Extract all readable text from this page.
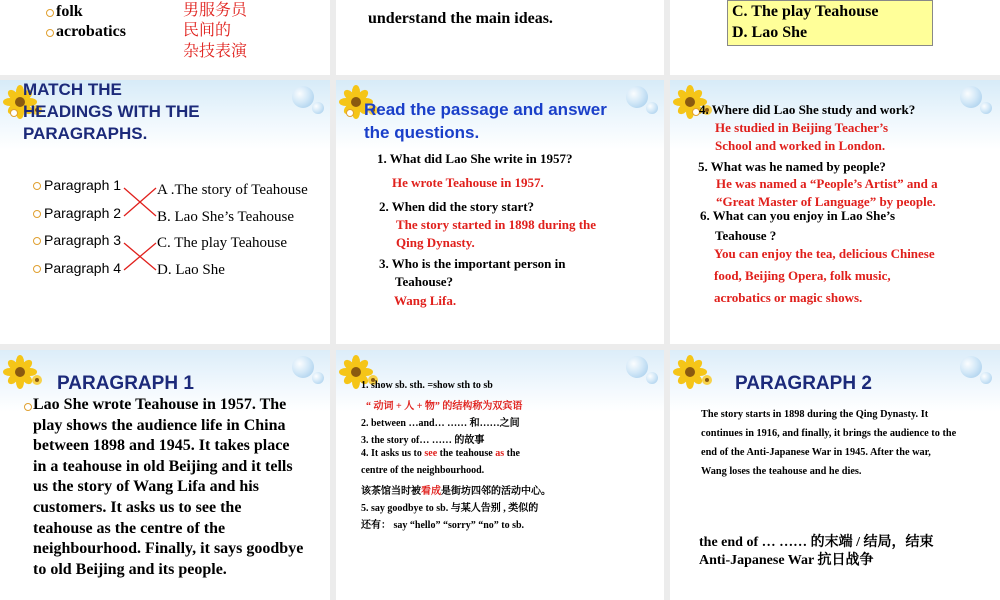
folk
acrobatics
男服务员
民间的
杂技表演
understand the main ideas.	C. The play Teahouse
D. Lao She
MATCH THE
HEADINGS WITH THE
PARAGRAPHS.
Paragraph 1
Paragraph 2
Paragraph 3
Paragraph 4
A .The story of Teahouse
B. Lao She’s Teahouse
C. The play Teahouse
D. Lao She
Read the passage and answer
the questions.
1. What did Lao She write in 1957?
He wrote Teahouse in 1957.
2. When did the story start?
The story started in 1898 during the
Qing Dynasty.
3. Who is the important person in
Teahouse?
Wang Lifa.
4. Where did Lao She study and work?
He studied in Beijing Teacher’s
School and worked in London.
5. What was he named by people?
He was named a “People’s Artist” and a
“Great Master of Language” by people.
6. What can you enjoy in Lao She’s
Teahouse ?
You can enjoy the tea, delicious Chinese
food, Beijing Opera, folk music,
acrobatics or magic shows.
PARAGRAPH 1
Lao She wrote Teahouse in 1957. The
play shows the audience life in China
between 1898 and 1945. It takes place
in a teahouse in old Beijing and it tells
us the story of Wang Lifa and his
customers. It asks us to see the
teahouse as the centre of the
neighbourhood. Finally, it says goodbye
to old Beijing and its people.
1. show sb. sth. =show sth to sb
“ 动词 + 人 + 物” 的结构称为双宾语
2. between …and… …… 和……之间
3. the story of… …… 的故事
4. It asks us to see the teahouse as the
centre of the neighbourhood.
该茶馆当时被看成是街坊四邻的活动中心。
5. say goodbye to sb. 与某人告别 , 类似的
还有： say “hello” “sorry” “no” to sb.
PARAGRAPH 2
The story starts in 1898 during the Qing Dynasty. It
continues in 1916, and finally, it brings the audience to the
end of the Anti-Japanese War in 1945. After the war,
Wang loses the teahouse and he dies.
the end of … …… 的末端 / 结局，结束
Anti-Japanese War 抗日战争
